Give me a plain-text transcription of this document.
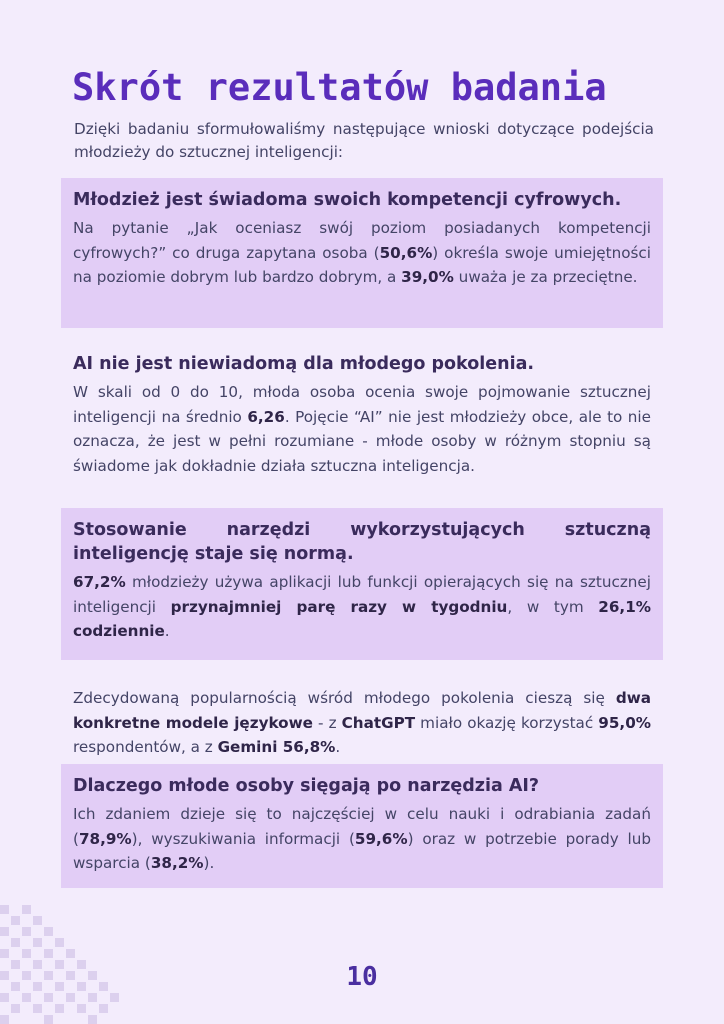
Skrót rezultatów badania

Dzięki badaniu sformułowaliśmy następujące wnioski dotyczące podejścia młodzieży do sztucznej inteligencji:

Młodzież jest świadoma swoich kompetencji cyfrowych.

Na pytanie „Jak oceniasz swój poziom posiadanych kompetencji cyfrowych?” co druga zapytana osoba (50,6%) określa swoje umiejętności na poziomie dobrym lub bardzo dobrym, a 39,0% uważa je za przeciętne.

AI nie jest niewiadomą dla młodego pokolenia.

W skali od 0 do 10, młoda osoba ocenia swoje pojmowanie sztucznej inteligencji na średnio 6,26. Pojęcie “AI” nie jest młodzieży obce, ale to nie oznacza, że jest w pełni rozumiane - młode osoby w różnym stopniu są świadome jak dokładnie działa sztuczna inteligencja.

Stosowanie narzędzi wykorzystujących sztuczną inteligencję staje się normą.

67,2% młodzieży używa aplikacji lub funkcji opierających się na sztucznej inteligencji przynajmniej parę razy w tygodniu, w tym 26,1% codziennie.

Zdecydowaną popularnością wśród młodego pokolenia cieszą się dwa konkretne modele językowe - z ChatGPT miało okazję korzystać 95,0% respondentów, a z Gemini 56,8%.

Dlaczego młode osoby sięgają po narzędzia AI?

Ich zdaniem dzieje się to najczęściej w celu nauki i odrabiania zadań (78,9%), wyszukiwania informacji (59,6%) oraz w potrzebie porady lub wsparcia (38,2%).

10
